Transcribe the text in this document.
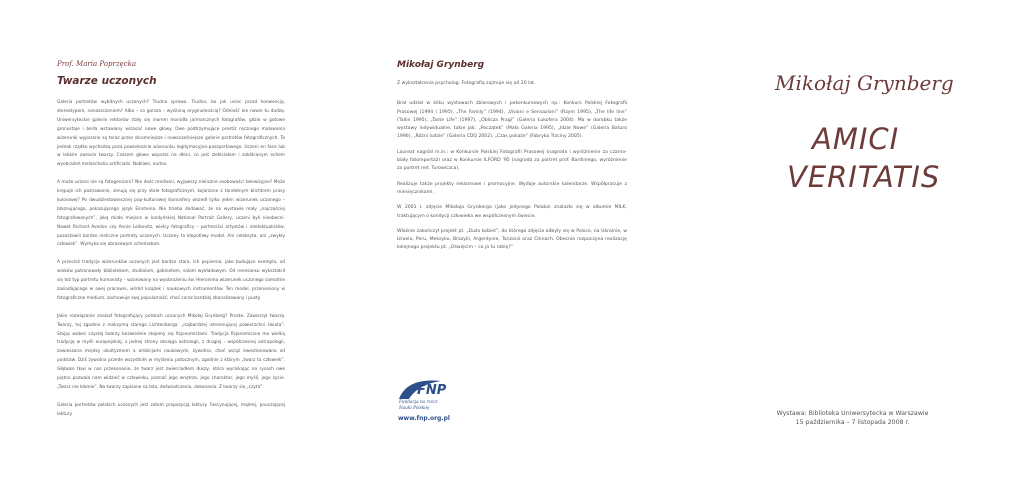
Prof. Maria Poprzęcka
Twarze uczonych

Galeria portretów wybitnych uczonych? Trudna sprawa. Trudna, bo jak uciec przed konwencją, stereotypem, nanaszczeniem? Albo – co gorsza – wysiloną oryginalnością? Odnieść nie nowie tu dadzą. Uniwersyteckie galerie rektorów stały się inorem monidła jarmarcznych fotografów, gdzie w gotowe gronostaje i berła wstawiany wizasać nowe głowy. Owe podtrzymujące prestiż ręcznego malowania wizerunki wyparane są teraz przez skromniejsze i nowocześniejsze galerie portretów fotograficznych. Te jednak rządko wychodzą poza powieleszcie wizerunku legitymacyjno-paszportowego. Uczeni en face lub w lekkim zwrocie twarzy. Czasem głowa wsparta na dłoni, co jest zleklciałom i zakłócanym echem wyobrażeń melancholia artificialis. Nobliwe, nudno.

A może uczeni nie są fotogeniczni? Nie dość medialni, wyjąwszy nieliczne osobowości telewizyjne? Może krępuje ich poznawanie, zenują się przy stole fotograficznym, kojarzone z tandetnym blichtrem prasy kolorowej? Po dwudziestowiecznej pop-kulturowej ikonosfery wszedł tylko jeden wizerunek uczonego – błaznującego, pokazującego język Einsteina. Nie trzeba dodawać, że na wystawie mały „najczęściej fotografowanych”, jaką miała miejsce w londyńskiej National Portrait Gallery, uczeni byli nieobecni. Nawet Richard Avedon czy Annie Leibovitz, wielcy fotograficy – portreciści artystów i intelektualistów, pozostawili bardzo nieliczne portrety uczonych. Uczony to kłopotliwy model. Ani celebryta, ani „zwykły człowiek”. Wymyka się obrazowym schematom.

A przecież tradycja wizerunków uczonych jest bardzo stara. Ich popiersia, jako budujące exempla, od wieków patronowały bibliotekom, studiolom, gabinetom, salom wykładowym. Od renesansu wykształcił się też typ portretu humanisty – wzorowany na wyobrażeniu św. Hieronima wizerunek uczonego samotnie zasiadającego w swej pracowni, wśród książek i naukowych instrumentów. Ten model, przeniesiony w fotograficzne medium, zachowuje swą popularność, choć coraz bardziej zbanalizowany i pusty.

Jakie rozwiązanie znalazł fotografujący polskich uczonych Mikołaj Grynberg? Proste. Zawierzył twarzy. Twarzy, tej zgodnie z maksymą starego Lichtenberga: „najbardziej interesującej powierzchni świata”. Stając wobec czystej twarzy bezwiednie stajemy się fizjonomistami. Tradycja fizjonomiczna ma wielką tradycję w myśli europejskiej, z jednej strony dosięga astrologii, z drugiej – współczesnej antropologii, zawieszona między okultyzmem a ambicjami naukowymi, żywotna, choć wciąż kwestionowana od podstaw. Dziś żywotna przede wszystkim w myśleniu potocznym, zgodnie z którym „twarz to człowiek”. Głęboko tkwi w nas przekonanie, że twarz jest zwierciadłem duszy, która wyciskając na rysach owe piętno pozwala nam widzieć w człowieku, poznać jego wnętrze, jego charakter, jego myśli, jego życie. „Twarz nie kłamie”. Na twarzy zapisane są lata, doświadczenia, dokonania. Z twarzy się „czyta”.

Galeria portretów polskich uczonych jest zatem propozycją lektury. Fascynującej, mądrej, pouczającej lektury.

Mikołaj Grynberg

Z wykształcenia psycholog. Fotografią zajmuje się od 20 lat.

Brał udział w kilku wystawach zbiorowych i pokonkursowych np.: Konkurs Polskiej Fotografii Prasowej (1994 i 1995), „The Family” (1994), „Visioni e Sensazioni” (Rzym 1995), „The life line” (Tallin 1995), „Taste Life” (1997), „Oblicza Pragi” (Galeria Łukofera 2004). Ma w dorobku także wystawy indywidualne, takie jak: „Początek” (Mała Galeria 1995), „Idzie Nowe” (Galeria Baturo 1996), „Różni ludzie” (Galeria CDQ 2002), „Czas pokaże” (Fabryka Trzciny 2005).

Laureat nagród m.in.: w Konkursie Polskiej Fotografii Prasowej (nagroda i wyróżnienie za czarno-biały fotoreportaż) oraz w Konkursie ILFORD '95 (nagroda za portret prof. Bardiniego, wyróżnienie za portret red. Turowiczca).

Realizuje także projekty reklamowe i promocyjne. Wydaje autorskie kalendarze. Współpracuje z miesięcznikami.

W 2001 r. zdjęcie Mikołaja Grynberga (jako jedynego Polaka) znalazło się w albumie MILK, traktującym o kondycji człowieka we współczesnym świecie.

Właśnie zakończył projekt pt. „Dużo kobiet”, do którego zdjęcia odbyły się w Polsce, na Ukrainie, w Izraelu, Peru, Meksyku, Brazylii, Argentynie, Tanzanii oraz Chinach. Obecnie rozpoczyna realizację kolejnego projektu pt. „Oświęcim – co ja tu robię?”

FNP
Fundacja na rzecz
Nauki Polskiej
www.fnp.org.pl
Mikołaj Grynberg
AMICI
VERITATIS
Wystawa: Biblioteka Uniwersytecka w Warszawie
15 października – 7 listopada 2008 r.
